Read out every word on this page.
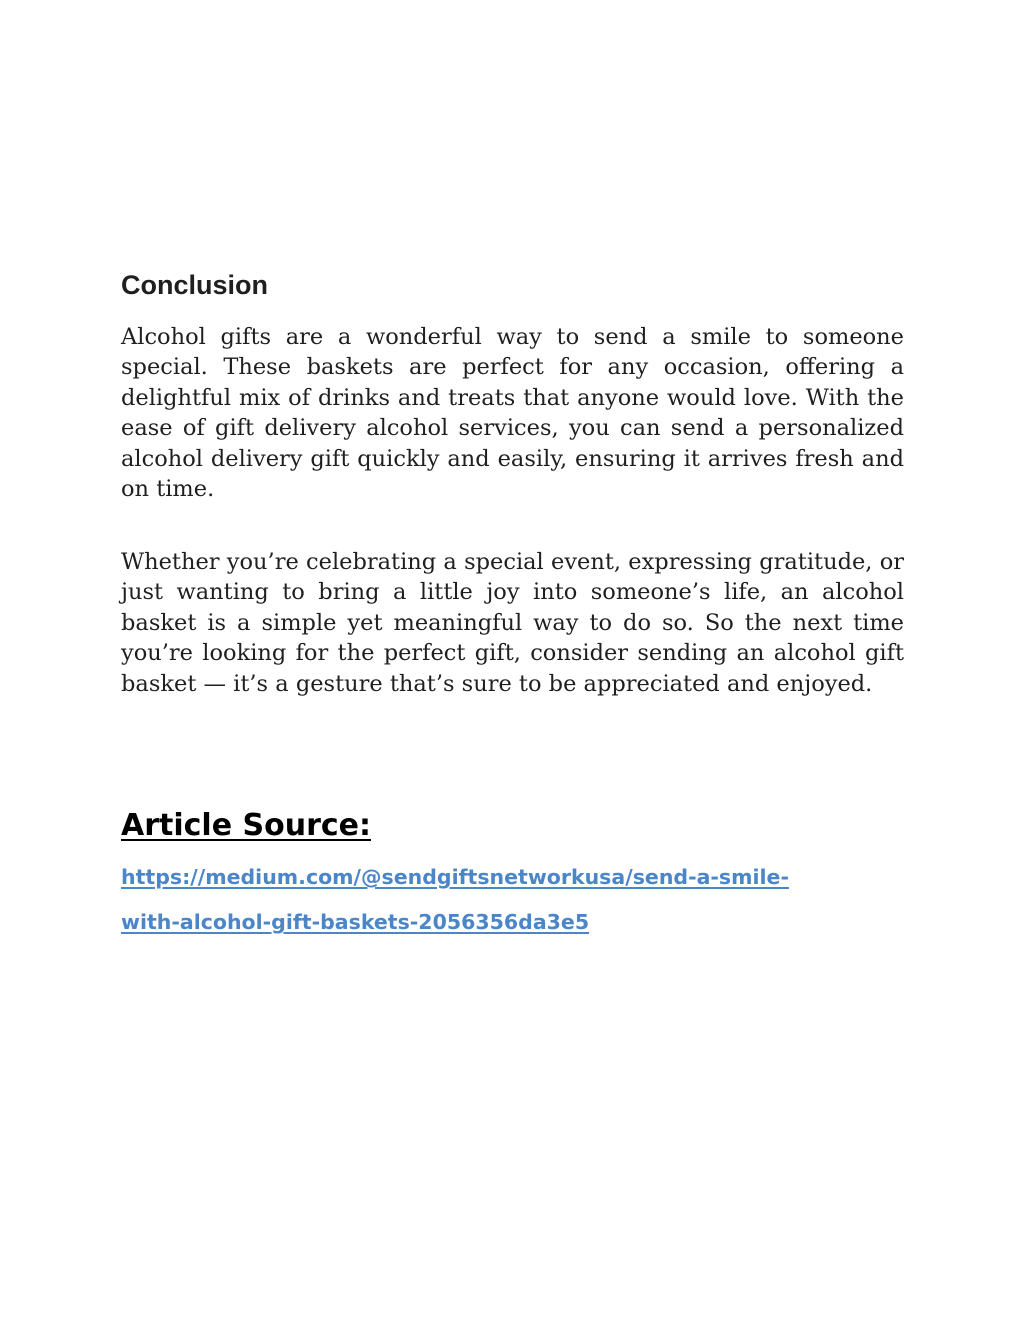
Conclusion

Alcohol gifts are a wonderful way to send a smile to someone special. These baskets are perfect for any occasion, offering a delightful mix of drinks and treats that anyone would love. With the ease of gift delivery alcohol services, you can send a personalized alcohol delivery gift quickly and easily, ensuring it arrives fresh and on time.

Whether you’re celebrating a special event, expressing gratitude, or just wanting to bring a little joy into someone’s life, an alcohol basket is a simple yet meaningful way to do so. So the next time you’re looking for the perfect gift, consider sending an alcohol gift basket — it’s a gesture that’s sure to be appreciated and enjoyed.

Article Source:
https://medium.com/@sendgiftsnetworkusa/send-a-smile-
with-alcohol-gift-baskets-2056356da3e5
